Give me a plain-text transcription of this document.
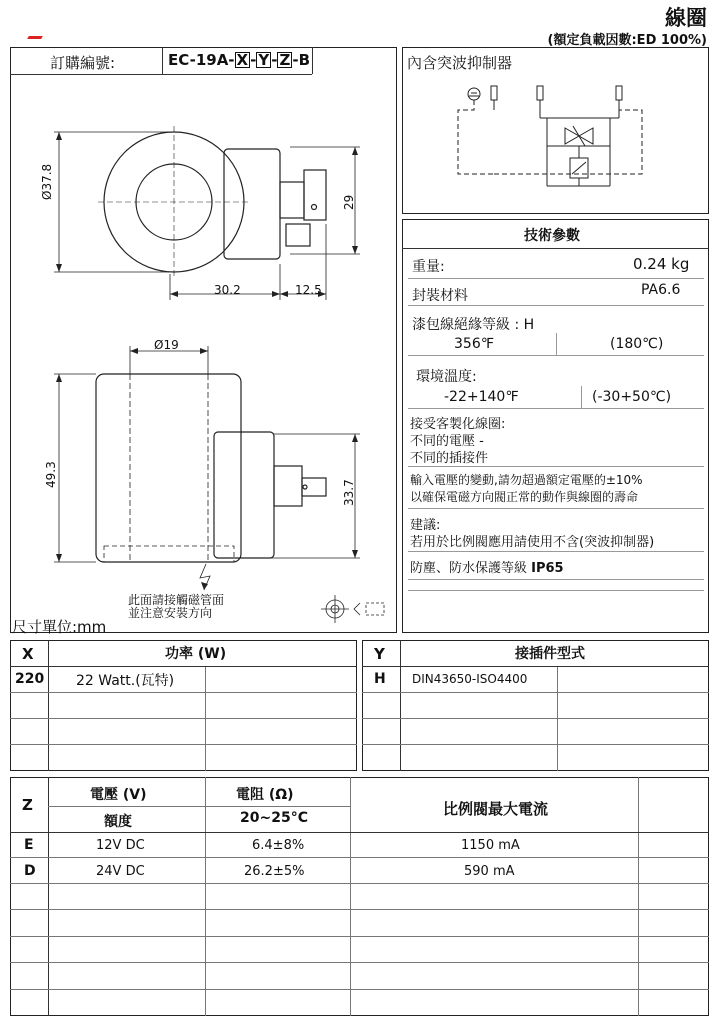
線圈
(額定負載因數:ED 100%)
訂購編號:	EC-19A- X - Y - Z -B
Ø37.8
29
30.2	12.5
Ø19
49.3
33.7
此面請接觸磁管面
並注意安裝方向
尺寸單位:mm
內含突波抑制器
技術參數
重量:	0.24 kg
封裝材料	PA6.6
漆包線絕緣等級 : H
356℉	(180℃)
環境溫度:
-22+140℉	(-30+50℃)
接受客製化線圈:
不同的電壓 -
不同的插接件
輸入電壓的變動,請勿超過額定電壓的±10%
以確保電磁方向閥正常的動作與線圈的壽命
建議:
若用於比例閥應用請使用不含(突波抑制器)
防塵、防水保護等級 IP65
X	功率 (W)
220 22 Watt.(瓦特)
Y	接插件型式
H DIN43650-ISO4400
Z
電壓 (V)
額度
電阻 (Ω)
20~25°C	比例閥最大電流
E	12V DC	6.4±8%	1150 mA
D	24V DC	26.2±5%	590 mA
